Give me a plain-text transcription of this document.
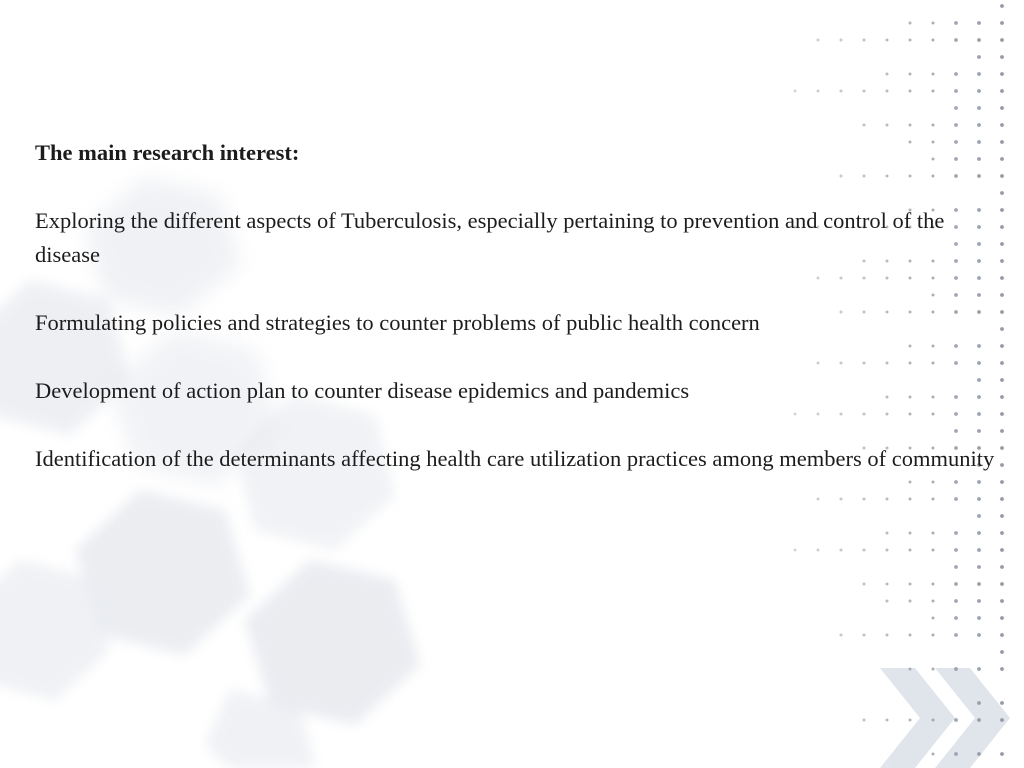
The main research interest:
Exploring the different aspects of Tuberculosis, especially pertaining to prevention and control of the disease
Formulating policies and strategies to counter problems of public health concern
Development of action plan to counter disease epidemics and pandemics
Identification of the determinants affecting health care utilization practices among members of community
